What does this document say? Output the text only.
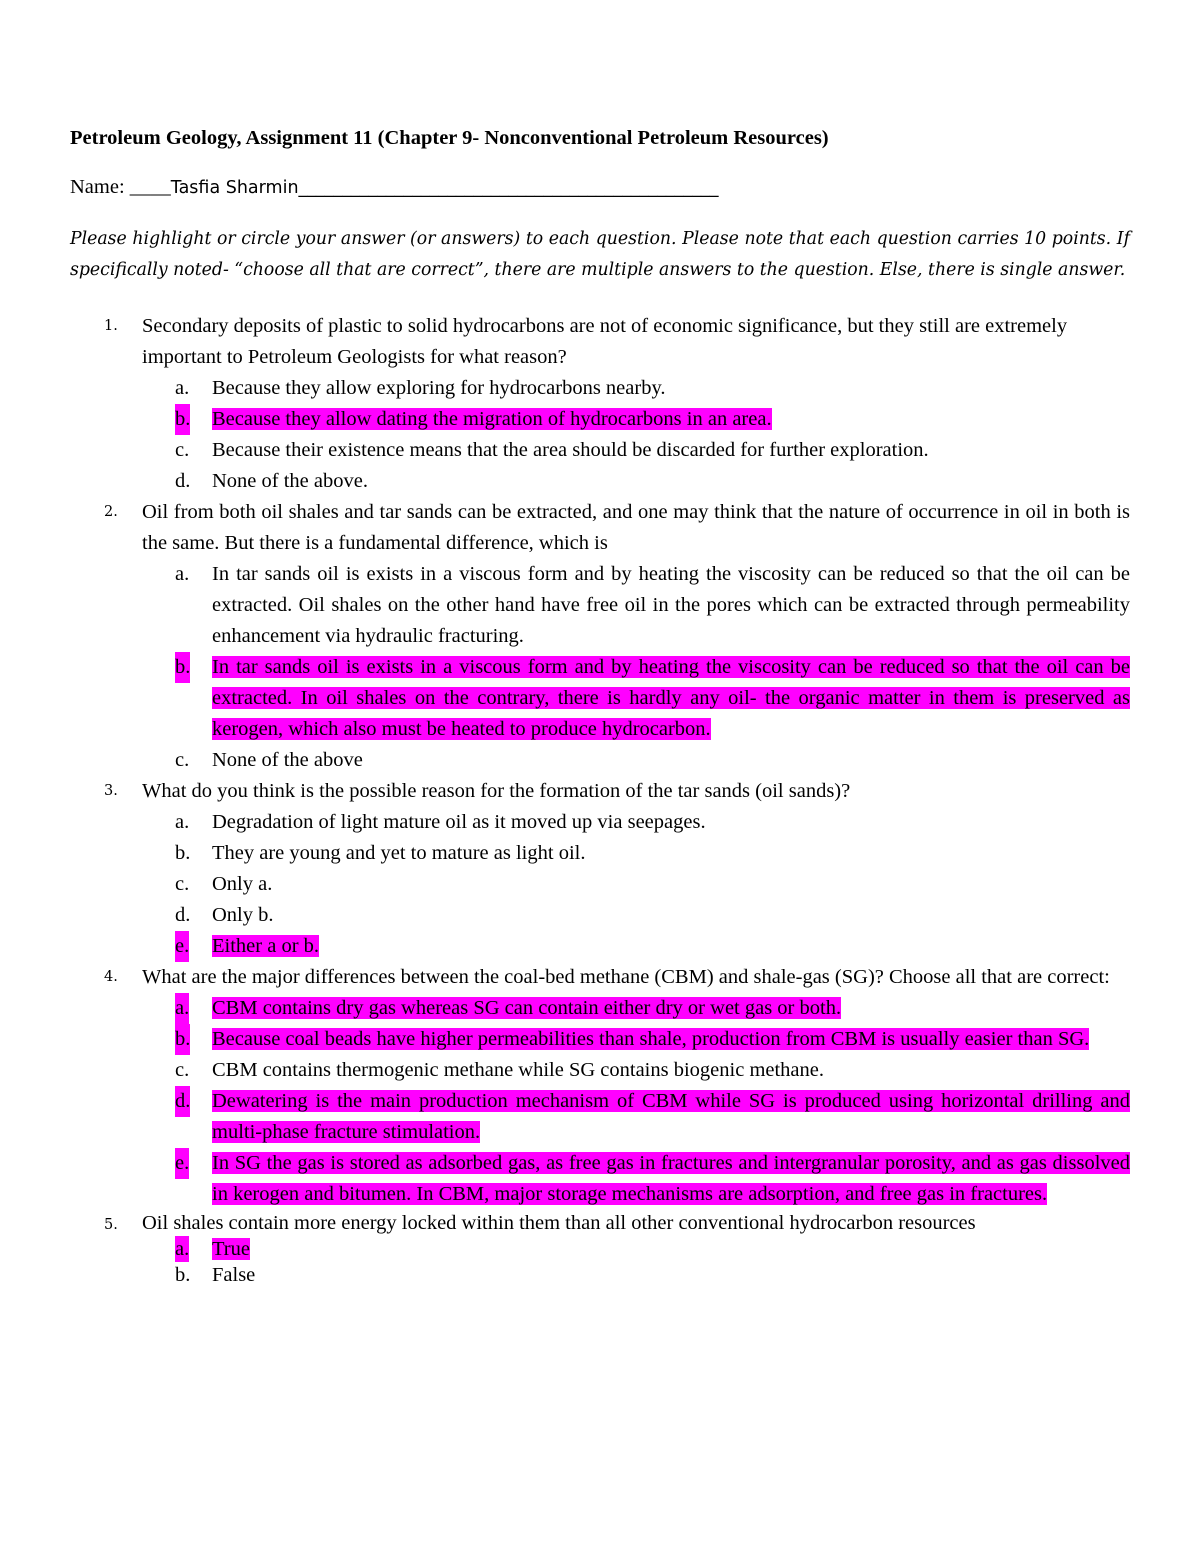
Petroleum Geology, Assignment 11 (Chapter 9- Nonconventional Petroleum Resources)

Name: ____Tasfia Sharmin________________________________________________
Please highlight or circle your answer (or answers) to each question. Please note that each question carries 10 points. If specifically noted- “choose all that are correct”, there are multiple answers to the question. Else, there is single answer.
1. Secondary deposits of plastic to solid hydrocarbons are not of economic significance, but they still are extremely important to Petroleum Geologists for what reason?
a. Because they allow exploring for hydrocarbons nearby.
b. Because they allow dating the migration of hydrocarbons in an area.
c. Because their existence means that the area should be discarded for further exploration.
d. None of the above.
2. Oil from both oil shales and tar sands can be extracted, and one may think that the nature of occurrence in oil in both is the same. But there is a fundamental difference, which is
a. In tar sands oil is exists in a viscous form and by heating the viscosity can be reduced so that the oil can be extracted. Oil shales on the other hand have free oil in the pores which can be extracted through permeability enhancement via hydraulic fracturing.
b. In tar sands oil is exists in a viscous form and by heating the viscosity can be reduced so that the oil can be extracted. In oil shales on the contrary, there is hardly any oil- the organic matter in them is preserved as kerogen, which also must be heated to produce hydrocarbon.
c. None of the above
3. What do you think is the possible reason for the formation of the tar sands (oil sands)?
a. Degradation of light mature oil as it moved up via seepages.
b. They are young and yet to mature as light oil.
c. Only a.
d. Only b.
e. Either a or b.
4. What are the major differences between the coal-bed methane (CBM) and shale-gas (SG)? Choose all that are correct:
a. CBM contains dry gas whereas SG can contain either dry or wet gas or both.
b. Because coal beads have higher permeabilities than shale, production from CBM is usually easier than SG.
c. CBM contains thermogenic methane while SG contains biogenic methane.
d. Dewatering is the main production mechanism of CBM while SG is produced using horizontal drilling and multi-phase fracture stimulation.
e. In SG the gas is stored as adsorbed gas, as free gas in fractures and intergranular porosity, and as gas dissolved in kerogen and bitumen. In CBM, major storage mechanisms are adsorption, and free gas in fractures.
5. Oil shales contain more energy locked within them than all other conventional hydrocarbon resources
a. True
b. False
